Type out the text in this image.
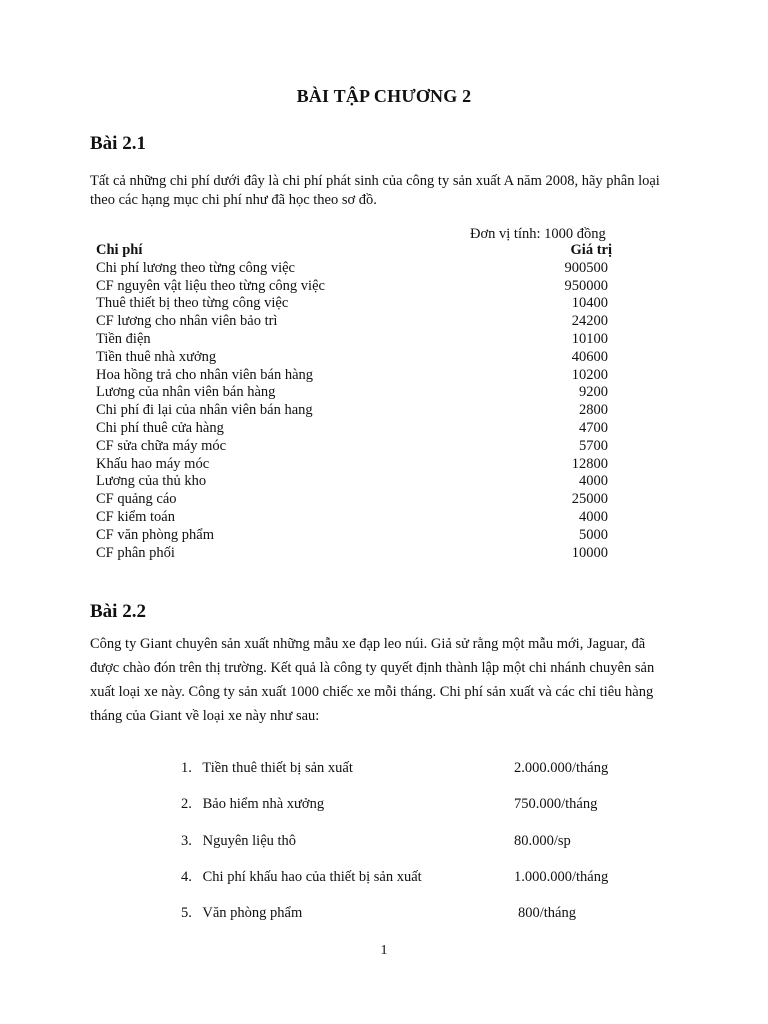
BÀI TẬP CHƯƠNG 2
Bài 2.1
Tất cả những chi phí dưới đây là chi phí phát sinh của công ty sản xuất A năm 2008, hãy phân loại theo các hạng mục chi phí như đã học theo sơ đồ.
Đơn vị tính: 1000 đồng
Chi phí	Giá trị
Chi phí lương theo từng công việc	900500
CF nguyên vật liệu theo từng công việc	950000
Thuê thiết bị theo từng công việc	10400
CF lương cho nhân viên bảo trì	24200
Tiền điện	10100
Tiền thuê nhà xưởng	40600
Hoa hồng trả cho nhân viên bán hàng	10200
Lương của nhân viên bán hàng	9200
Chi phí đi lại của nhân viên bán hang	2800
Chi phí thuê cửa hàng	4700
CF sửa chữa máy móc	5700
Khấu hao máy móc	12800
Lương của thủ kho	4000
CF quảng cáo	25000
CF kiểm toán	4000
CF văn phòng phẩm	5000
CF phân phối	10000
Bài 2.2
Công ty Giant chuyên sản xuất những mẫu xe đạp leo núi. Giả sử rằng một mẫu mới, Jaguar, đã được chào đón trên thị trường. Kết quả là công ty quyết định thành lập một chi nhánh chuyên sản xuất loại xe này. Công ty sản xuất 1000 chiếc xe mỗi tháng. Chi phí sản xuất và các chỉ tiêu hàng tháng của Giant về loại xe này như sau:
1. Tiền thuê thiết bị sản xuất	2.000.000/tháng
2. Bảo hiểm nhà xưởng	750.000/tháng
3. Nguyên liệu thô	80.000/sp
4. Chi phí khấu hao của thiết bị sản xuất	1.000.000/tháng
5. Văn phòng phẩm	800/tháng
1
